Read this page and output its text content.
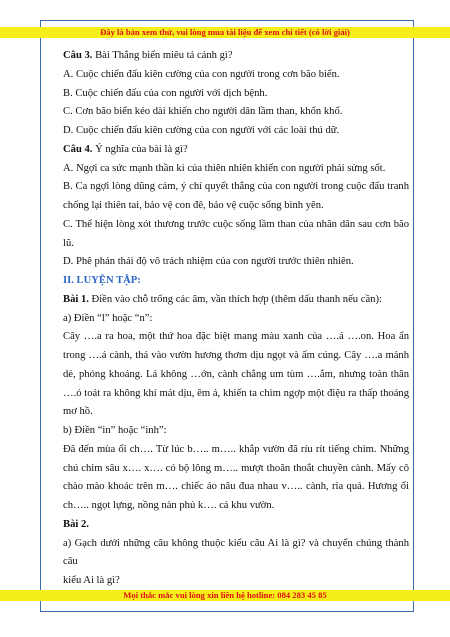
Đây là bản xem thử, vui lòng mua tài liệu để xem chi tiết (có lời giải)

Câu 3. Bài Thắng biển miêu tả cảnh gì?

A. Cuộc chiến đấu kiên cường của con người trong cơn bão biển.

B. Cuộc chiến đấu của con người với dịch bệnh.

C. Cơn bão biển kéo dài khiến cho người dân lầm than, khốn khổ.

D. Cuộc chiến đấu kiên cường của con người với các loài thú dữ.

Câu 4. Ý nghĩa của bài là gì?

A. Ngợi ca sức mạnh thần kì của thiên nhiên khiến con người phải sửng sốt.

B. Ca ngợi lòng dũng cảm, ý chí quyết thắng của con người trong cuộc đấu tranh chống lại thiên tai, bảo vệ con đê, bảo vệ cuộc sống bình yên.

C. Thể hiện lòng xót thương trước cuộc sống lầm than của nhân dân sau cơn bão lũ.

D. Phê phán thái độ vô trách nhiệm của con người trước thiên nhiên.

II. LUYỆN TẬP:

Bài 1. Điền vào chỗ trống các âm, vần thích hợp (thêm dấu thanh nếu cần):

a) Điền “l” hoặc “n”:

Cây ….a ra hoa, một thứ hoa đặc biệt mang màu xanh của ….á ….on. Hoa ẩn trong ….á cành, thả vào vườn hương thơm dịu ngọt và ấm cúng. Cây ….a mảnh dẻ, phóng khoáng. Lá không …ớn, cành chẳng um tùm ….ắm, nhưng toàn thân ….ó toát ra không khí mát dịu, êm ả, khiến ta chìm ngợp một điệu ra thấp thoáng mơ hồ.

b) Điền “in” hoặc “inh”:

Đã đến mùa ổi ch…. Từ lúc b….. m….. khắp vườn đã ríu rít tiếng chim. Những chú chim sâu x…. x…. có bộ lông m….. mượt thoăn thoắt chuyền cành. Mấy cô chào mào khoác trên m…. chiếc áo nâu đua nhau v….. cành, rỉa quả. Hương ổi ch….. ngọt lựng, nồng nàn phủ k…. cả khu vườn.

Bài 2.

a) Gạch dưới những câu không thuộc kiểu câu Ai là gì? và chuyển chúng thành câu

kiểu Ai là gì?

Mọi thắc mắc vui lòng xin liên hệ hotline: 084 283 45 85
